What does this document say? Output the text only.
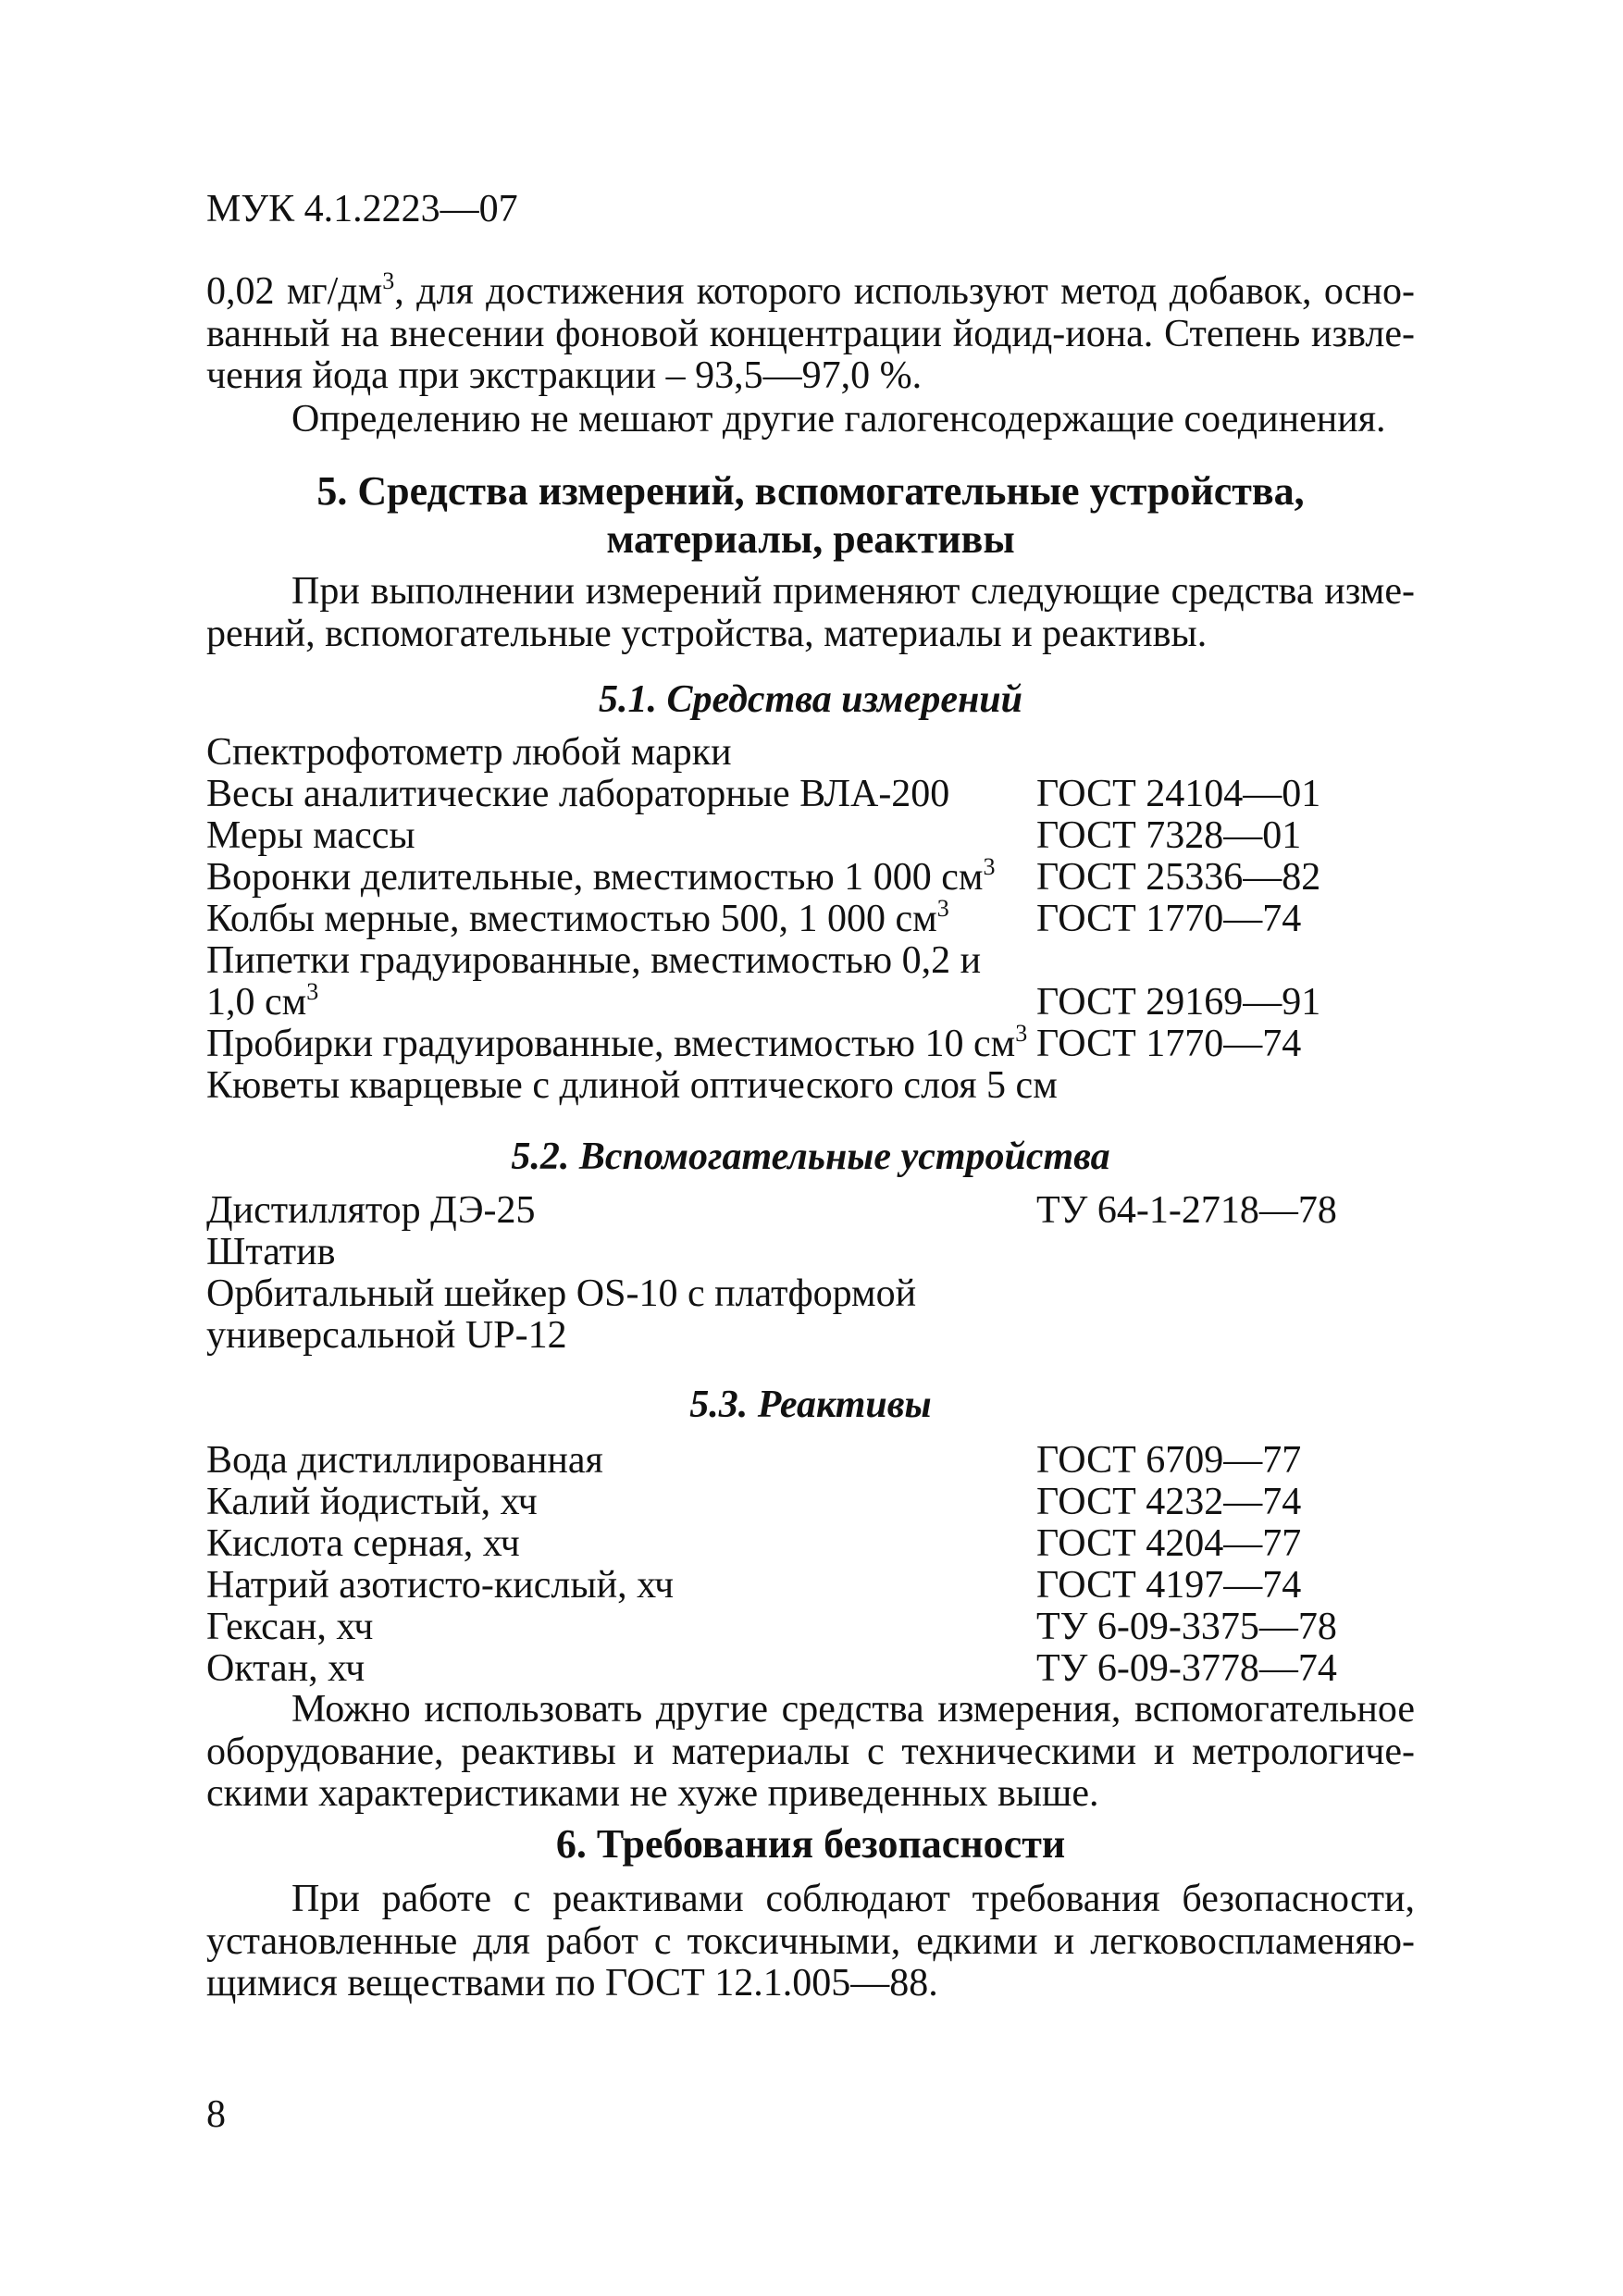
МУК 4.1.2223—07
0,02 $мг/дм^3$, для достижения которого используют метод добавок, осно-
ванный на внесении фоновой концентрации йодид-иона. Степень извле-
чения йода при экстракции – 93,5—97,0 %.
Определению не мешают другие галогенсодержащие соединения.
5. Средства измерений, вспомогательные устройства,
материалы, реактивы
При выполнении измерений применяют следующие средства изме-
рений, вспомогательные устройства, материалы и реактивы.
5.1. Средства измерений
Спектрофотометр любой марки
Весы аналитические лабораторные ВЛА-200 ГОСТ 24104—01
Меры массы	ГОСТ 7328—01
Воронки делительные, вместимостью 1 000 $см^3$ ГОСТ 25336—82
Колбы мерные, вместимостью 500, 1 000 $см^3$ ГОСТ 1770—74
Пипетки градуированные, вместимостью 0,2 и
1,0 $см^3$	ГОСТ 29169—91
Пробирки градуированные, вместимостью 10 $см^3$ ГОСТ 1770—74
Кюветы кварцевые с длиной оптического слоя 5 см
5.2. Вспомогательные устройства
Дистиллятор ДЭ-25	ТУ 64-1-2718—78
Штатив
Орбитальный шейкер OS-10 с платформой
универсальной UP-12
5.3. Реактивы
Вода дистиллированная	ГОСТ 6709—77
Калий йодистый, хч	ГОСТ 4232—74
Кислота серная, хч	ГОСТ 4204—77
Натрий азотисто-кислый, хч	ГОСТ 4197—74
Гексан, хч	ТУ 6-09-3375—78
Октан, хч	ТУ 6-09-3778—74
Можно использовать другие средства измерения, вспомогательное
оборудование, реактивы и материалы с техническими и метрологиче-
скими характеристиками не хуже приведенных выше.
6. Требования безопасности
При работе с реактивами соблюдают требования безопасности,
установленные для работ с токсичными, едкими и легковоспламеняю-
щимися веществами по ГОСТ 12.1.005—88.
8
